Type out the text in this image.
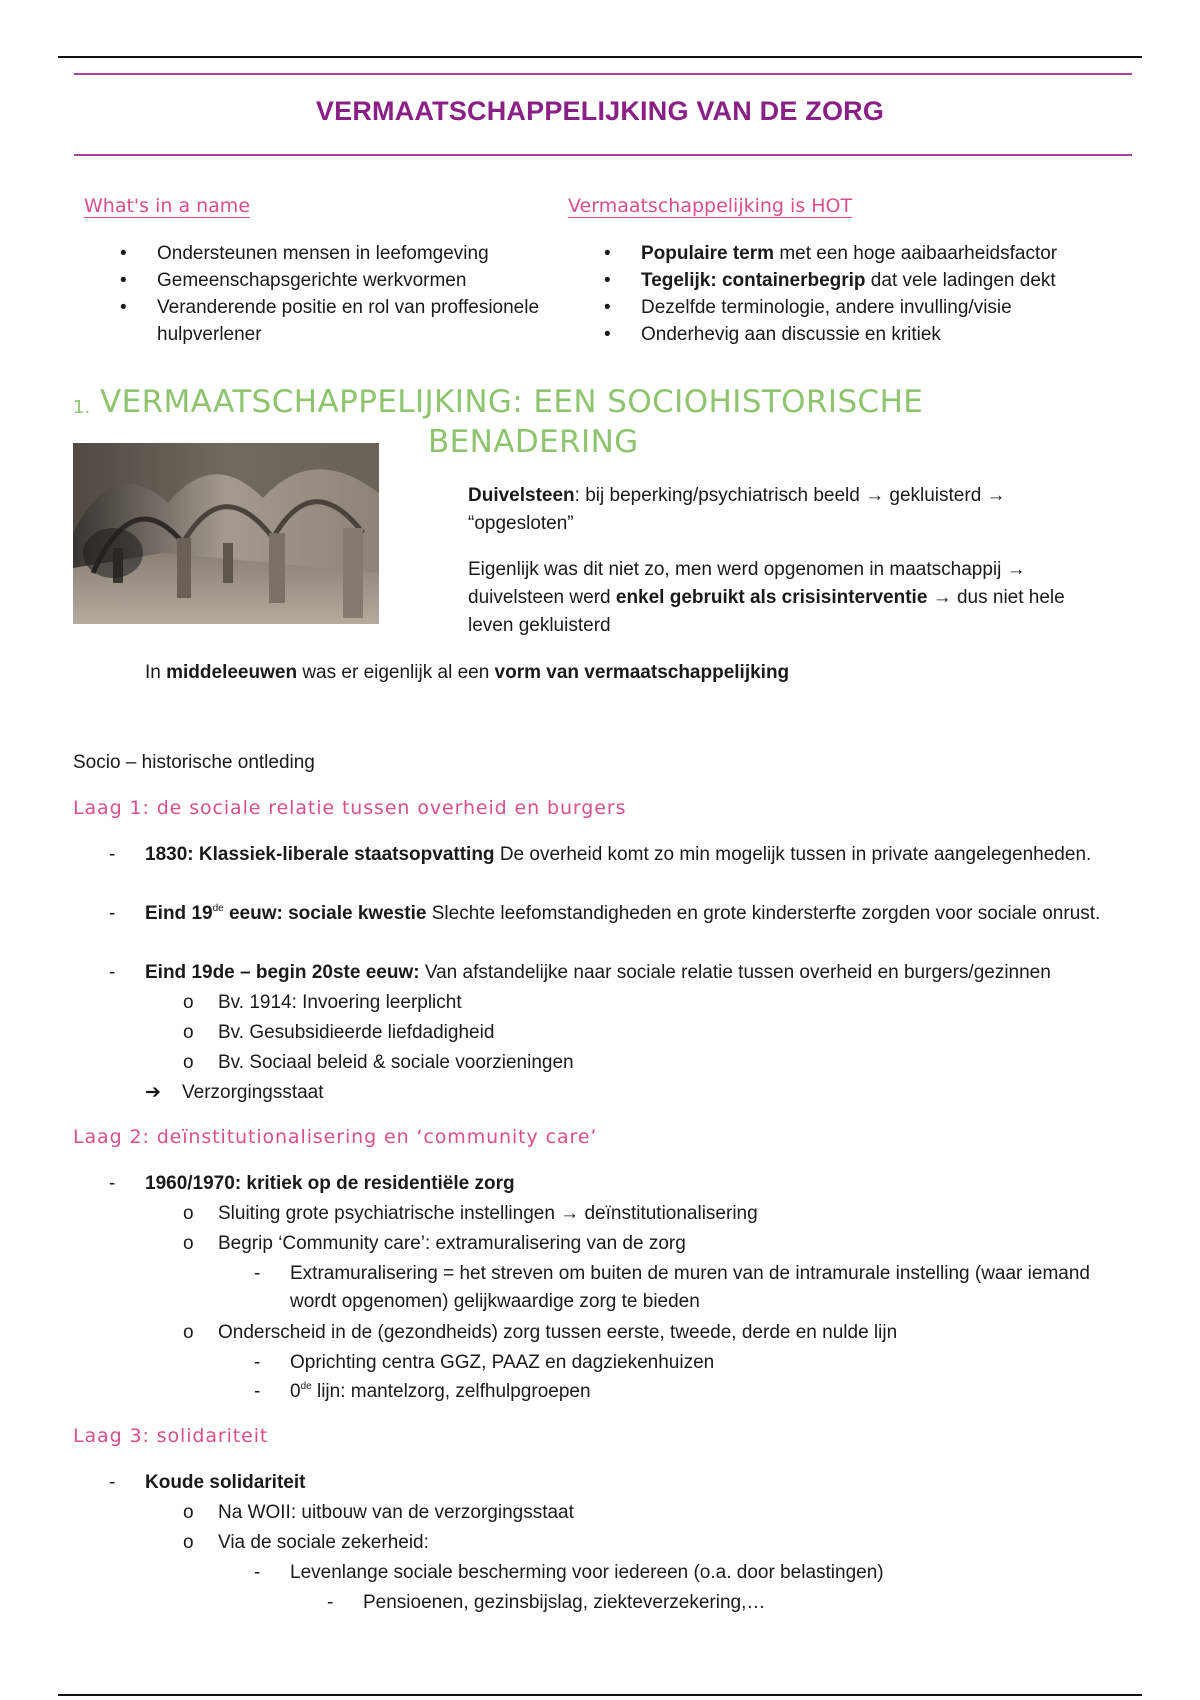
VERMAATSCHAPPELIJKING VAN DE ZORG
What's in a name
• Ondersteunen mensen in leefomgeving
• Gemeenschapsgerichte werkvormen
• Veranderende positie en rol van proffesionele hulpverlener
Vermaatschappelijking is HOT
• Populaire term met een hoge aaibaarheidsfactor
• Tegelijk: containerbegrip dat vele ladingen dekt
• Dezelfde terminologie, andere invulling/visie
• Onderhevig aan discussie en kritiek
1. VERMAATSCHAPPELIJKING: EEN SOCIOHISTORISCHE
BENADERING
Duivelsteen: bij beperking/psychiatrisch beeld → gekluisterd → “opgesloten”
Eigenlijk was dit niet zo, men werd opgenomen in maatschappij → duivelsteen werd enkel gebruikt als crisisinterventie → dus niet hele leven gekluisterd
In middeleeuwen was er eigenlijk al een vorm van vermaatschappelijking
Socio – historische ontleding
Laag 1: de sociale relatie tussen overheid en burgers
- 1830: Klassiek-liberale staatsopvatting De overheid komt zo min mogelijk tussen in private aangelegenheden.
- Eind 19de eeuw: sociale kwestie Slechte leefomstandigheden en grote kindersterfte zorgden voor sociale onrust.
- Eind 19de – begin 20ste eeuw: Van afstandelijke naar sociale relatie tussen overheid en burgers/gezinnen
o Bv. 1914: Invoering leerplicht
o Bv. Gesubsidieerde liefdadigheid
o Bv. Sociaal beleid & sociale voorzieningen
➔ Verzorgingsstaat
Laag 2: deïnstitutionalisering en ‘community care’
- 1960/1970: kritiek op de residentiële zorg
o Sluiting grote psychiatrische instellingen → deïnstitutionalisering
o Begrip ‘Community care’: extramuralisering van de zorg
- Extramuralisering = het streven om buiten de muren van de intramurale instelling (waar iemand wordt opgenomen) gelijkwaardige zorg te bieden
o Onderscheid in de (gezondheids) zorg tussen eerste, tweede, derde en nulde lijn
- Oprichting centra GGZ, PAAZ en dagziekenhuizen
- 0de lijn: mantelzorg, zelfhulpgroepen
Laag 3: solidariteit
- Koude solidariteit
o Na WOII: uitbouw van de verzorgingsstaat
o Via de sociale zekerheid:
- Levenlange sociale bescherming voor iedereen (o.a. door belastingen)
- Pensioenen, gezinsbijslag, ziekteverzekering,…
